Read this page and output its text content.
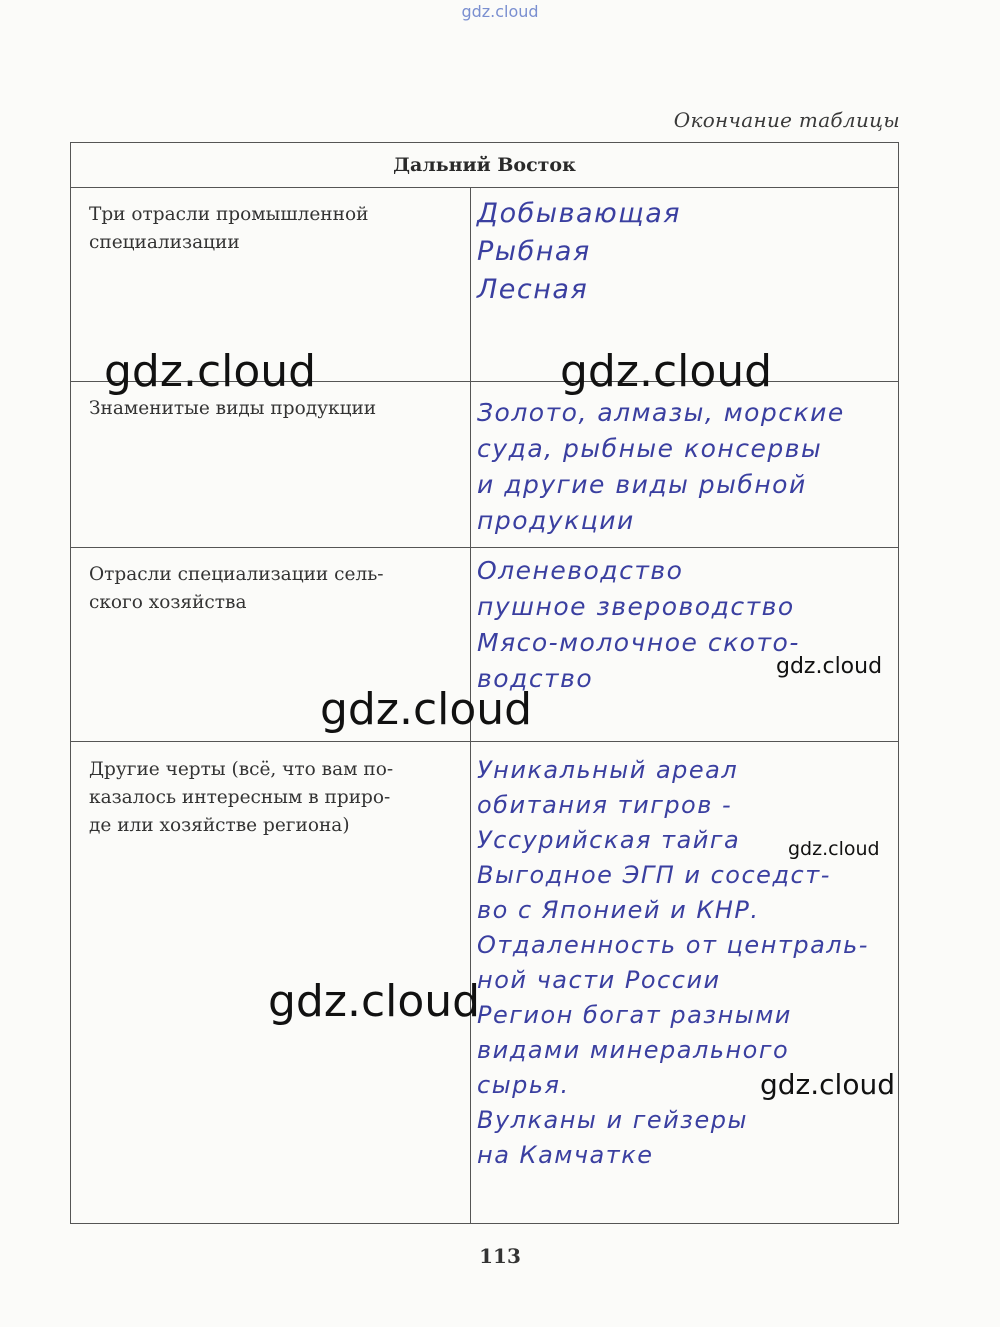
gdz.cloud
Окончание таблицы
Дальний Восток
Три отрасли промышленной
специализации
Добывающая
Рыбная
Лесная
Знаменитые виды продукции	Золото, алмазы, морские
суда, рыбные консервы
и другие виды рыбной
продукции
Отрасли специализации сель-
ского хозяйства
Оленеводство
пушное звероводство
Мясо-молочное ското-
водство
Другие черты (всё, что вам по-
казалось интересным в приро-
де или хозяйстве региона)
Уникальный ареал
обитания тигров -
Уссурийская тайга
Выгодное ЭГП и соседст-
во с Японией и КНР.
Отдаленность от централь-
ной части России
Регион богат разными
видами минерального
сырья.
Вулканы и гейзеры
на Камчатке
gdz.cloud	gdz.cloud
gdz.cloud
gdz.cloud
gdz.cloud
gdz.cloud
gdz.cloud
113
